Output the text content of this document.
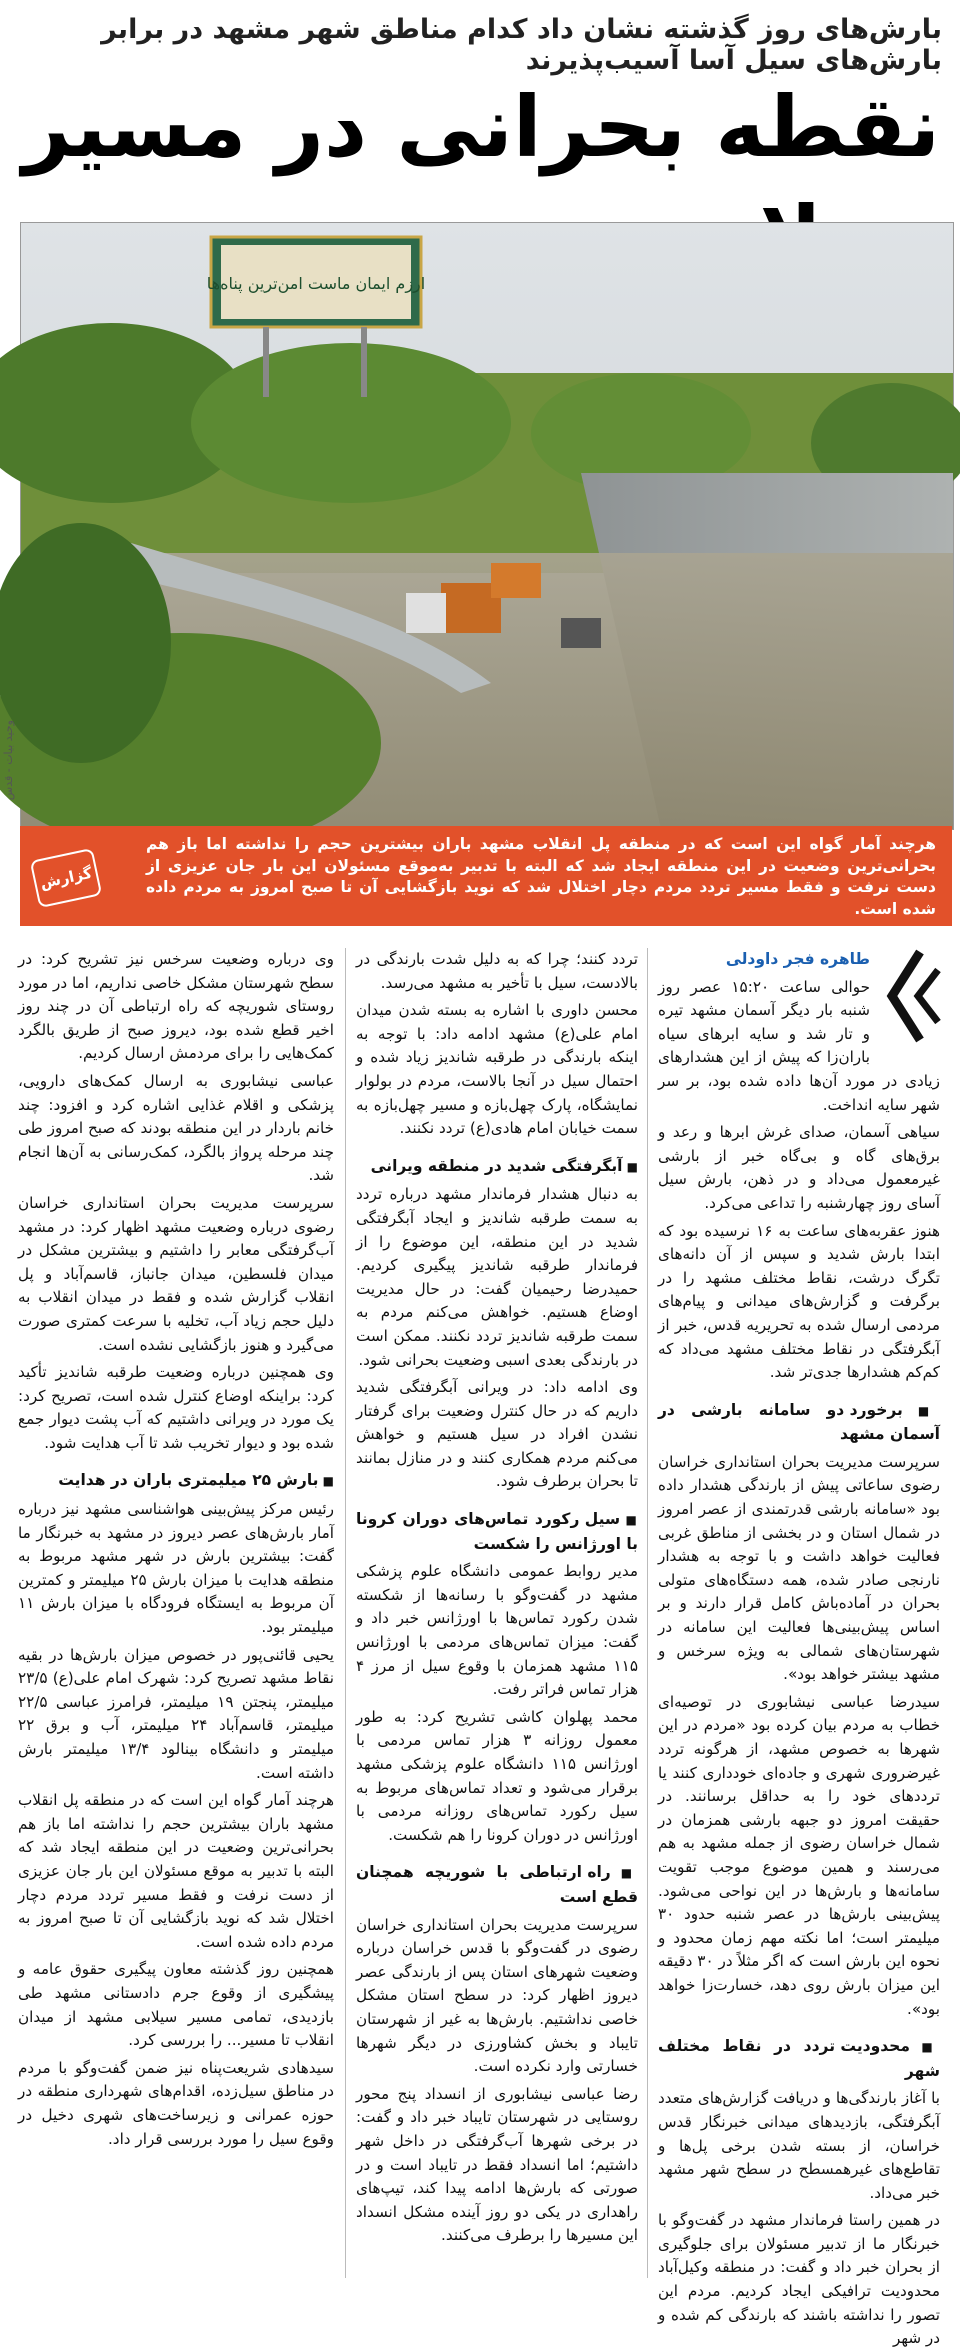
بارش‌های روز گذشته نشان داد کدام مناطق شهر مشهد در برابر بارش‌های سیل آسا آسیب‌پذیرند
نقطه بحرانی در مسیر
ارزم ایمان ماست امن‌ترین پناه‌ها
وحید بیات - قدس
هرچند آمار گواه این است که در منطقه پل انقلاب مشهد باران بیشترین حجم را نداشته اما باز هم بحرانی‌ترین وضعیت در این منطقه ایجاد شد که البته با تدبیر به‌موقع مسئولان این بار جان عزیزی از دست نرفت و فقط مسیر تردد مردم دچار اختلال شد که نوید بازگشایی آن تا صبح امروز به مردم داده شده است.
گزارش

طاهره فجر داودلی

حوالی ساعت ۱۵:۲۰ عصر روز شنبه بار دیگر آسمان مشهد تیره و تار شد و سایه ابرهای سیاه باران‌زا که پیش از این هشدارهای زیادی در مورد آن‌ها داده شده بود، بر سر شهر سایه انداخت.

سیاهی آسمان، صدای غرش ابرها و رعد و برق‌های گاه و بی‌گاه خبر از بارشی غیرمعمول می‌داد و در ذهن، بارش سیل آسای روز چهارشنبه را تداعی می‌کرد.

هنوز عقربه‌های ساعت به ۱۶ نرسیده بود که ابتدا بارش شدید و سپس از آن دانه‌های تگرگ درشت، نقاط مختلف مشهد را در برگرفت و گزارش‌های میدانی و پیام‌های مردمی ارسال شده به تحریریه قدس، خبر از آبگرفتگی در نقاط مختلف مشهد می‌داد که کم‌کم هشدارها جدی‌تر شد.

■ برخورد دو سامانه بارشی در آسمان مشهد

سرپرست مدیریت بحران استانداری خراسان رضوی ساعاتی پیش از بارندگی هشدار داده بود «سامانه بارشی قدرتمندی از عصر امروز در شمال استان و در بخشی از مناطق غربی فعالیت خواهد داشت و با توجه به هشدار نارنجی صادر شده، همه دستگاه‌های متولی بحران در آماده‌باش کامل قرار دارند و بر اساس پیش‌بینی‌ها فعالیت این سامانه در شهرستان‌های شمالی به ویژه سرخس و مشهد بیشتر خواهد بود».

سیدرضا عباسی نیشابوری در توصیه‌ای خطاب به مردم بیان کرده بود «مردم در این شهرها به خصوص مشهد، از هرگونه تردد غیرضروری شهری و جاده‌ای خودداری کنند یا ترددهای خود را به حداقل برسانند. در حقیقت امروز دو جبهه بارشی همزمان در شمال خراسان رضوی از جمله مشهد به هم می‌رسند و همین موضوع موجب تقویت سامانه‌ها و بارش‌ها در این نواحی می‌شود. پیش‌بینی بارش‌ها در عصر شنبه حدود ۳۰ میلیمتر است؛ اما نکته مهم زمان محدود و نحوه این بارش است که اگر مثلاً در ۳۰ دقیقه این میزان بارش روی دهد، خسارت‌زا خواهد بود».

■ محدودیت تردد در نقاط مختلف شهر

با آغاز بارندگی‌ها و دریافت گزارش‌های متعدد آبگرفتگی، بازدیدهای میدانی خبرنگار قدس خراسان، از بسته شدن برخی پل‌ها و تقاطع‌های غیرهمسطح در سطح شهر مشهد خبر می‌داد.

در همین راستا فرماندار مشهد در گفت‌وگو با خبرنگار ما از تدبیر مسئولان برای جلوگیری از بحران خبر داد و گفت: در منطقه وکیل‌آباد محدودیت ترافیکی ایجاد کردیم. مردم این تصور را نداشته باشند که بارندگی کم شده و در شهر

تردد کنند؛ چرا که به دلیل شدت بارندگی در بالادست، سیل با تأخیر به مشهد می‌رسد.

محسن داوری با اشاره به بسته شدن میدان امام علی(ع) مشهد ادامه داد: با توجه به اینکه بارندگی در طرقبه شاندیز زیاد شده و احتمال سیل در آنجا بالاست، مردم در بولوار نمایشگاه، پارک چهل‌بازه و مسیر چهل‌بازه به سمت خیابان امام هادی(ع) تردد نکنند.

■ آبگرفتگی شدید در منطقه ویرانی

به دنبال هشدار فرماندار مشهد درباره تردد به سمت طرقبه شاندیز و ایجاد آبگرفتگی شدید در این منطقه، این موضوع را از فرماندار طرقبه شاندیز پیگیری کردیم. حمیدرضا رحیمیان گفت: در حال مدیریت اوضاع هستیم. خواهش می‌کنم مردم به سمت طرقبه شاندیز تردد نکنند. ممکن است در بارندگی بعدی اسبی وضعیت بحرانی شود.

وی ادامه داد: در ویرانی آبگرفتگی شدید داریم که در حال کنترل وضعیت برای گرفتار نشدن افراد در سیل هستیم و خواهش می‌کنم مردم همکاری کنند و در منازل بمانند تا بحران برطرف شود.

■ سیل رکورد تماس‌های دوران کرونا با اورژانس را شکست

مدیر روابط عمومی دانشگاه علوم پزشکی مشهد در گفت‌وگو با رسانه‌ها از شکسته شدن رکورد تماس‌ها با اورژانس خبر داد و گفت: میزان تماس‌های مردمی با اورژانس ۱۱۵ مشهد همزمان با وقوع سیل از مرز ۴ هزار تماس فراتر رفت.

محمد پهلوان کاشی تشریح کرد: به طور معمول روزانه ۳ هزار تماس مردمی با اورژانس ۱۱۵ دانشگاه علوم پزشکی مشهد برقرار می‌شود و تعداد تماس‌های مربوط به سیل رکورد تماس‌های روزانه مردمی با اورژانس در دوران کرونا را هم شکست.

■ راه ارتباطی با شوریچه همچنان قطع است

سرپرست مدیریت بحران استانداری خراسان رضوی در گفت‌وگو با قدس خراسان درباره وضعیت شهرهای استان پس از بارندگی عصر دیروز اظهار کرد: در سطح استان مشکل خاصی نداشتیم. بارش‌ها به غیر از شهرستان تایباد و بخش کشاورزی در دیگر شهرها خسارتی وارد نکرده است.

رضا عباسی نیشابوری از انسداد پنج محور روستایی در شهرستان تایباد خبر داد و گفت: در برخی شهرها آب‌گرفتگی در داخل شهر داشتیم؛ اما انسداد فقط در تایباد است و در صورتی که بارش‌ها ادامه پیدا کند، تیپ‌های راهداری در یکی دو روز آینده مشکل انسداد این مسیرها را برطرف می‌کنند.

وی درباره وضعیت سرخس نیز تشریح کرد: در سطح شهرستان مشکل خاصی نداریم، اما در مورد روستای شوریچه که راه ارتباطی آن در چند روز اخیر قطع شده بود، دیروز صبح از طریق بالگرد کمک‌هایی را برای مردمش ارسال کردیم.

عباسی نیشابوری به ارسال کمک‌های دارویی، پزشکی و اقلام غذایی اشاره کرد و افزود: چند خانم باردار در این منطقه بودند که صبح امروز طی چند مرحله پرواز بالگرد، کمک‌رسانی به آن‌ها انجام شد.

سرپرست مدیریت بحران استانداری خراسان رضوی درباره وضعیت مشهد اظهار کرد: در مشهد آب‌گرفتگی معابر را داشتیم و بیشترین مشکل در میدان فلسطین، میدان جانباز، قاسم‌آباد و پل انقلاب گزارش شده و فقط در میدان انقلاب به دلیل حجم زیاد آب، تخلیه با سرعت کمتری صورت می‌گیرد و هنوز بازگشایی نشده است.

وی همچنین درباره وضعیت طرقبه شاندیز تأکید کرد: براینکه اوضاع کنترل شده است، تصریح کرد: یک مورد در ویرانی داشتیم که آب پشت دیوار جمع شده بود و دیوار تخریب شد تا آب هدایت شود.

■ بارش ۲۵ میلیمتری باران در هدایت

رئیس مرکز پیش‌بینی هواشناسی مشهد نیز درباره آمار بارش‌های عصر دیروز در مشهد به خبرنگار ما گفت: بیشترین بارش در شهر مشهد مربوط به منطقه هدایت با میزان بارش ۲۵ میلیمتر و کمترین آن مربوط به ایستگاه فرودگاه با میزان بارش ۱۱ میلیمتر بود.

یحیی قائنی‌پور در خصوص میزان بارش‌ها در بقیه نقاط مشهد تصریح کرد: شهرک امام علی(ع) ۲۳/۵ میلیمتر، پنجتن ۱۹ میلیمتر، فرامرز عباسی ۲۲/۵ میلیمتر، قاسم‌آباد ۲۴ میلیمتر، آب و برق ۲۲ میلیمتر و دانشگاه بینالود ۱۳/۴ میلیمتر بارش داشته است.

هرچند آمار گواه این است که در منطقه پل انقلاب مشهد باران بیشترین حجم را نداشته اما باز هم بحرانی‌ترین وضعیت در این منطقه ایجاد شد که البته با تدبیر به موقع مسئولان این بار جان عزیزی از دست نرفت و فقط مسیر تردد مردم دچار اختلال شد که نوید بازگشایی آن تا صبح امروز به مردم داده شده است.

همچنین روز گذشته معاون پیگیری حقوق عامه و پیشگیری از وقوع جرم دادستانی مشهد طی بازدیدی، تمامی مسیر سیلابی مشهد از میدان انقلاب تا مسیر... را بررسی کرد.

سیدهادی شریعت‌پناه نیز ضمن گفت‌وگو با مردم در مناطق سیل‌زده، اقدام‌های شهرداری منطقه در حوزه عمرانی و زیرساخت‌های شهری دخیل در وقوع سیل را مورد بررسی قرار داد.
